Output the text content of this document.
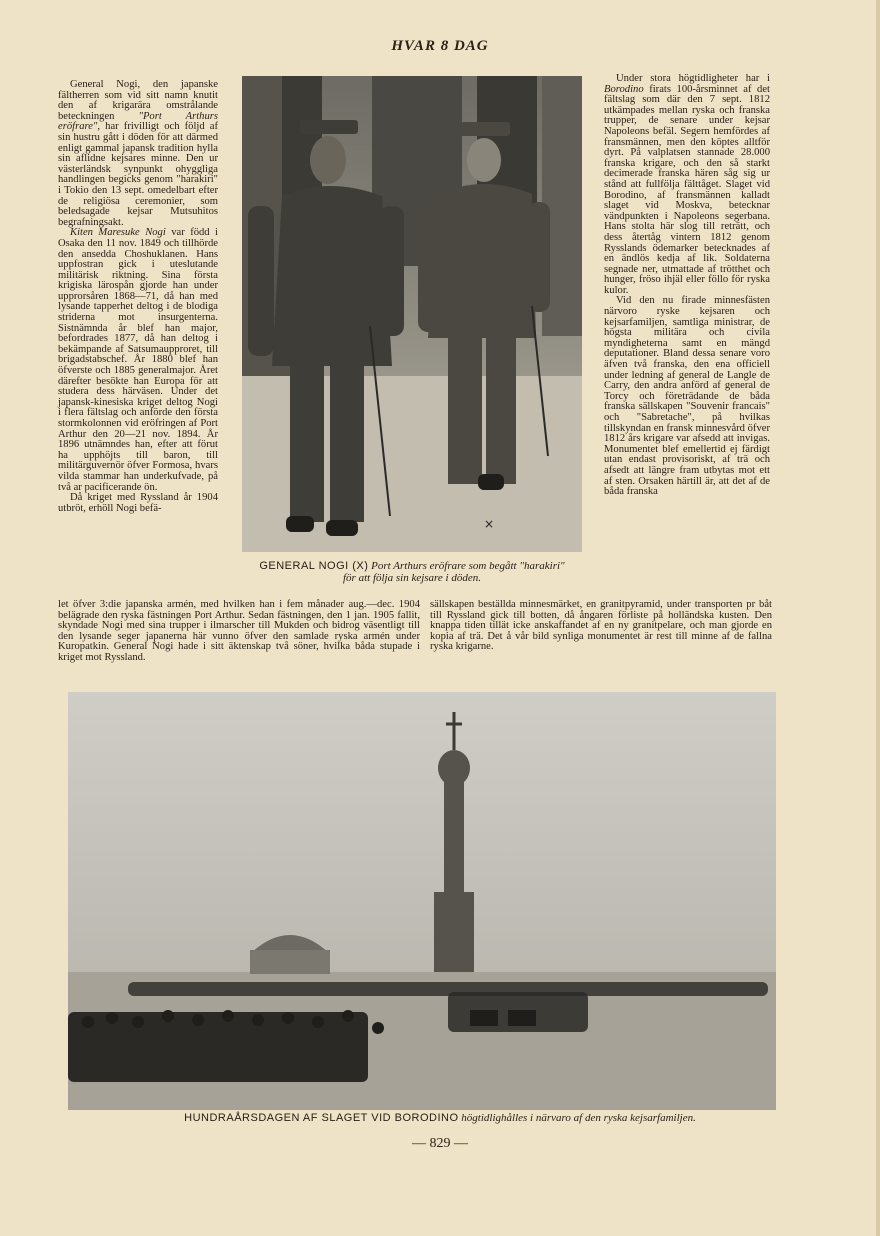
HVAR 8 DAG

General Nogi, den japanske fältherren som vid sitt namn knutit den af krigarära omstrålande beteckningen "Port Arthurs eröfrare", har frivilligt och följd af sin hustru gått i döden för att därmed enligt gammal japansk tradition hylla sin aflidne kejsares minne. Den ur västerländsk synpunkt ohyggliga handlingen begicks genom "harakiri" i Tokio den 13 sept. omedelbart efter de religiösa ceremonier, som beledsagade kejsar Mutsuhitos begrafningsakt.

Kiten Maresuke Nogi var född i Osaka den 11 nov. 1849 och tillhörde den ansedda Choshuklanen. Hans uppfostran gick i uteslutande militärisk riktning. Sina första krigiska lärospån gjorde han under upprorsåren 1868—71, då han med lysande tapperhet deltog i de blodiga striderna mot insurgenterna. Sistnämnda år blef han major, befordrades 1877, då han deltog i bekämpande af Satsumaupproret, till brigadstabschef. År 1880 blef han öfverste och 1885 generalmajor. Året därefter besökte han Europa för att studera dess härväsen. Under det japansk-kinesiska kriget deltog Nogi i flera fältslag och anförde den första stormkolonnen vid eröfringen af Port Arthur den 20—21 nov. 1894. År 1896 utnämndes han, efter att förut ha upphöjts till baron, till militärguvernör öfver Formosa, hvars vilda stammar han underkufvade, på två ar pacificerande ön.

Då kriget med Ryssland år 1904 utbröt, erhöll Nogi befä-

×
GENERAL NOGI (X) Port Arthurs eröfrare som begått "harakiri"
för att följa sin kejsare i döden.

Under stora högtidligheter har i Borodino firats 100-årsminnet af det fältslag som där den 7 sept. 1812 utkämpades mellan ryska och franska trupper, de senare under kejsar Napoleons befäl. Segern hemfördes af fransmännen, men den köptes alltför dyrt. På valplatsen stannade 28.000 franska krigare, och den så starkt decimerade franska hären såg sig ur stånd att fullfölja fälttåget. Slaget vid Borodino, af fransmännen kalladt slaget vid Moskva, betecknar vändpunkten i Napoleons segerbana. Hans stolta här slog till reträtt, och dess återtåg vintern 1812 genom Rysslands ödemarker betecknades af en ändlös kedja af lik. Soldaterna segnade ner, utmattade af trötthet och hunger, fröso ihjäl eller föllo för ryska kulor.

Vid den nu firade minnesfästen närvoro ryske kejsaren och kejsarfamiljen, samtliga ministrar, de högsta militära och civila myndigheterna samt en mängd deputationer. Bland dessa senare voro äfven två franska, den ena officiell under ledning af general de Langle de Carry, den andra anförd af general de Torcy och företrädande de båda franska sällskapen "Souvenir francais" och "Sabretache", på hvilkas tillskyndan en fransk minnesvård öfver 1812 års krigare var afsedd att invigas. Monumentet blef emellertid ej färdigt utan endast provisoriskt, af trä och afsedt att längre fram utbytas mot ett af sten. Orsaken härtill är, att det af de båda franska

let öfver 3:die japanska armén, med hvilken han i fem månader aug.—dec. 1904 belägrade den ryska fästningen Port Arthur. Sedan fästningen, den 1 jan. 1905 fallit, skyndade Nogi med sina trupper i ilmarscher till Mukden och bidrog väsentligt till den lysande seger japanerna här vunno öfver den samlade ryska armén under Kuropatkin. General Nogi hade i sitt äktenskap två söner, hvilka båda stupade i kriget mot Ryssland.
sällskapen beställda minnesmärket, en granitpyramid, under transporten pr båt till Ryssland gick till botten, då ångaren förliste på holländska kusten. Den knappa tiden tillät icke anskaffandet af en ny granitpelare, och man gjorde en kopia af trä. Det å vår bild synliga monumentet är rest till minne af de fallna ryska krigarne.
HUNDRAÅRSDAGEN AF SLAGET VID BORODINO högtidlighålles i närvaro af den ryska kejsarfamiljen.
— 829 —
